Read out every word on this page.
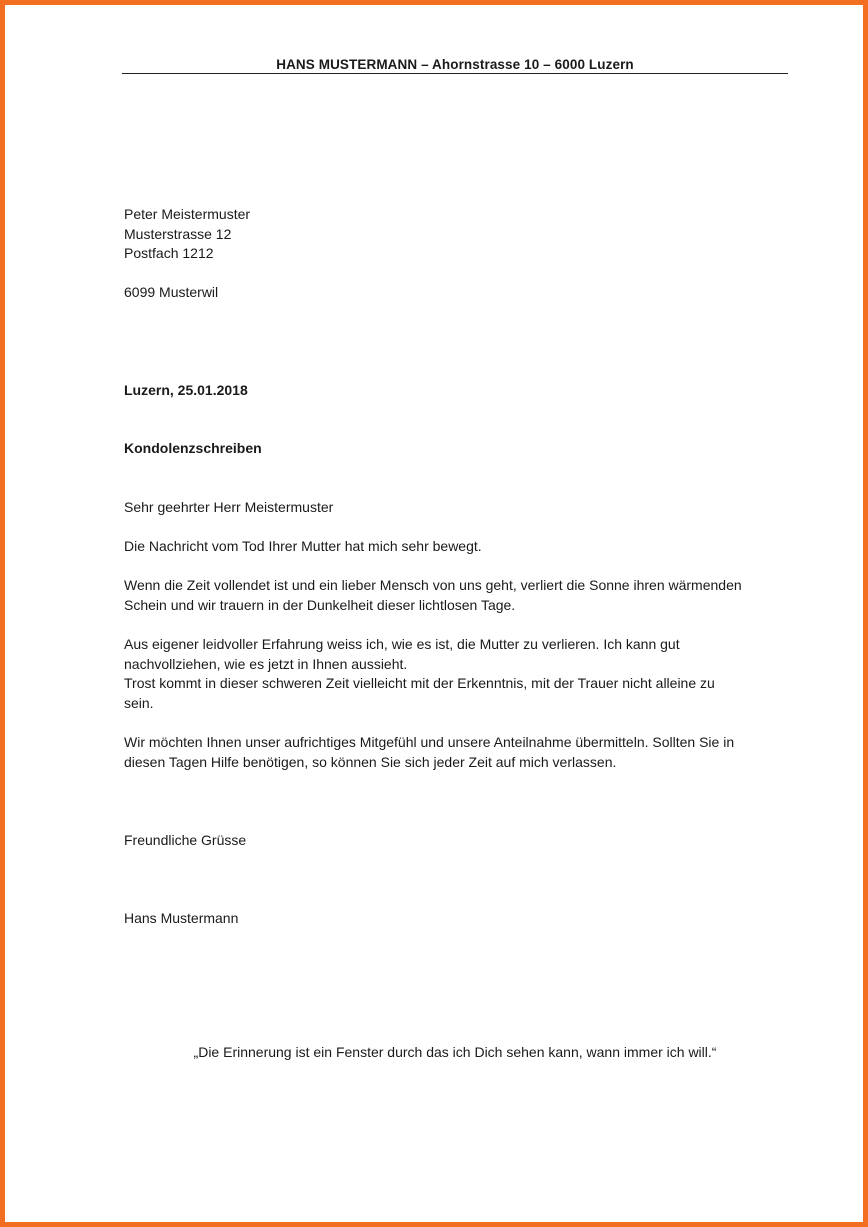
HANS MUSTERMANN – Ahornstrasse 10 – 6000 Luzern
Peter Meistermuster
Musterstrasse 12
Postfach 1212
6099 Musterwil
Luzern, 25.01.2018
Kondolenzschreiben
Sehr geehrter Herr Meistermuster
Die Nachricht vom Tod Ihrer Mutter hat mich sehr bewegt.
Wenn die Zeit vollendet ist und ein lieber Mensch von uns geht, verliert die Sonne ihren wärmenden
Schein und wir trauern in der Dunkelheit dieser lichtlosen Tage.
Aus eigener leidvoller Erfahrung weiss ich, wie es ist, die Mutter zu verlieren. Ich kann gut
nachvollziehen, wie es jetzt in Ihnen aussieht.
Trost kommt in dieser schweren Zeit vielleicht mit der Erkenntnis, mit der Trauer nicht alleine zu
sein.
Wir möchten Ihnen unser aufrichtiges Mitgefühl und unsere Anteilnahme übermitteln. Sollten Sie in
diesen Tagen Hilfe benötigen, so können Sie sich jeder Zeit auf mich verlassen.
Freundliche Grüsse
Hans Mustermann
„Die Erinnerung ist ein Fenster durch das ich Dich sehen kann, wann immer ich will.“
